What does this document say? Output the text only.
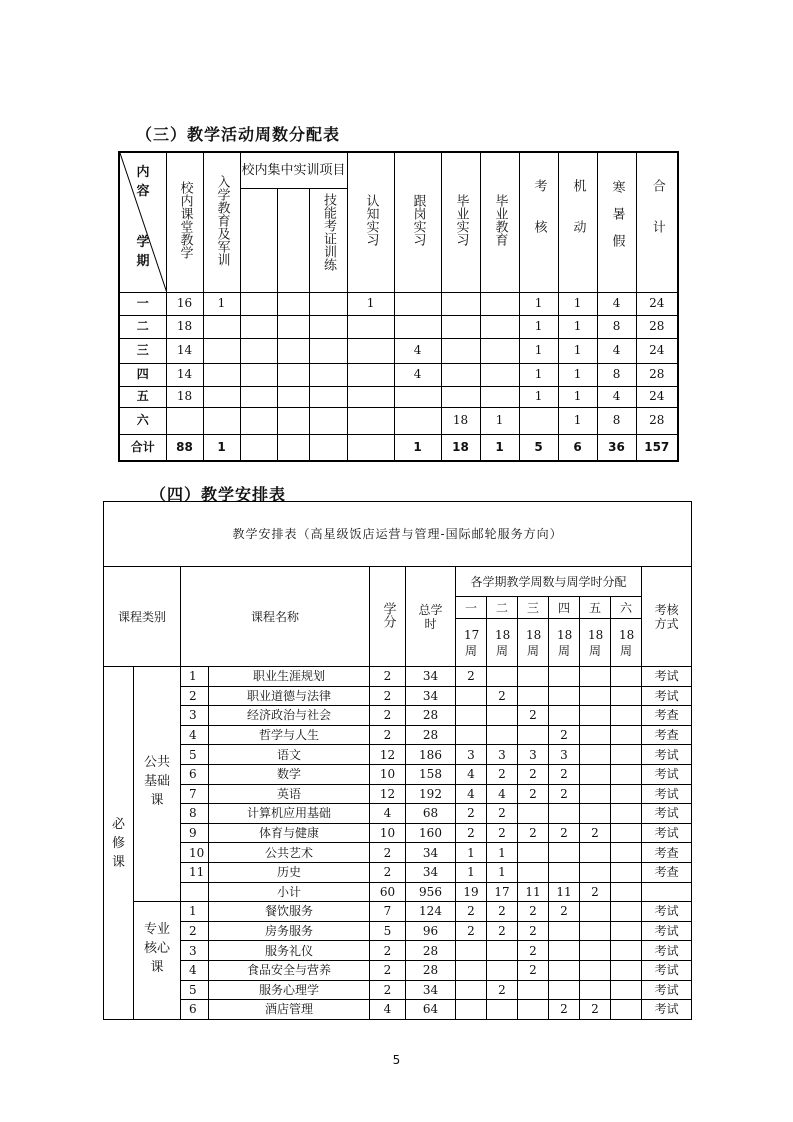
（三）教学活动周数分配表
内容
学期	校内课堂教学	入学教育及军训	校内集中实训项目			认知实习	跟岗实习	毕业实习	毕业教育	考核	机动	寒暑假	合计
					技能考证训练								
一	16	1				1				1	1	4	24
二	18									1	1	8	28
三	14						4			1	1	4	24
四	14						4			1	1	8	28
五	18									1	1	4	24
六								18	1		1	8	28
合计	88	1					1	18	1	5	6	36	157
（四）教学安排表
教学安排表（高星级饭店运营与管理-国际邮轮服务方向）												
课程类别		课程名称		学分	总学时	各学期教学周数与周学时分配						考核方式
						一	二	三	四	五	六	
						17周	18周	18周	18周	18周	18周	
必修课	公共基础课	1	职业生涯规划	2	34	2						考试
		2	职业道德与法律	2	34		2					考试
		3	经济政治与社会	2	28			2				考查
		4	哲学与人生	2	28				2			考查
		5	语文	12	186	3	3	3	3			考试
		6	数学	10	158	4	2	2	2			考试
		7	英语	12	192	4	4	2	2			考试
		8	计算机应用基础	4	68	2	2					考试
		9	体育与健康	10	160	2	2	2	2	2		考试
		10	公共艺术	2	34	1	1					考查
		11	历史	2	34	1	1					考查
			小计	60	956	19	17	11	11	2		
	专业核心课	1	餐饮服务	7	124	2	2	2	2			考试
		2	房务服务	5	96	2	2	2				考试
		3	服务礼仪	2	28			2				考试
		4	食品安全与营养	2	28			2				考试
		5	服务心理学	2	34		2					考试
		6	酒店管理	4	64				2	2		考试
5
